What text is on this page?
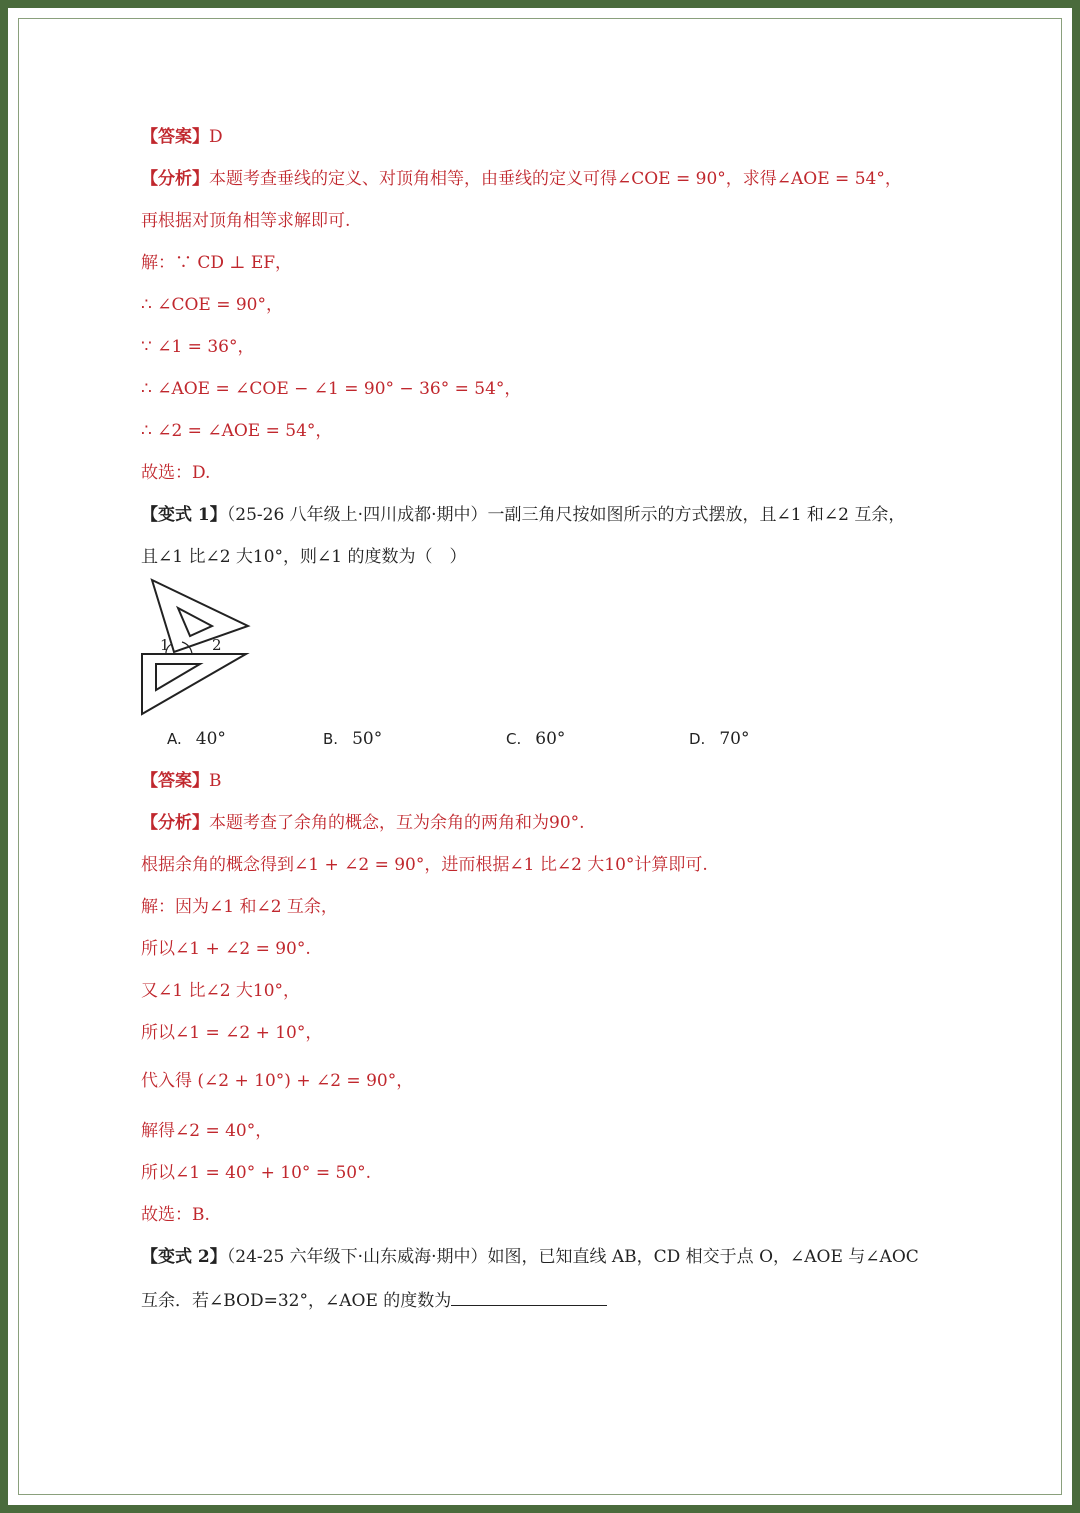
【答案】D
【分析】本题考查垂线的定义、对顶角相等，由垂线的定义可得∠COE = 90°，求得∠AOE = 54°，
再根据对顶角相等求解即可.
解：∵ CD ⊥ EF，
∴ ∠COE = 90°，
∵ ∠1 = 36°，
∴ ∠AOE = ∠COE − ∠1 = 90° − 36° = 54°，
∴ ∠2 = ∠AOE = 54°，
故选：D.
【变式 1】（25-26 八年级上·四川成都·期中）一副三角尺按如图所示的方式摆放，且∠1 和∠2 互余，
且∠1 比∠2 大10°，则∠1 的度数为（　）
1	2
A. 40°	B. 50°	C. 60°	D. 70°
【答案】B
【分析】本题考查了余角的概念，互为余角的两角和为90°.
根据余角的概念得到∠1 + ∠2 = 90°，进而根据∠1 比∠2 大10°计算即可.
解：因为∠1 和∠2 互余，
所以∠1 + ∠2 = 90°.
又∠1 比∠2 大10°，
所以∠1 = ∠2 + 10°，
代入得 (∠2 + 10°) + ∠2 = 90°，
解得∠2 = 40°，
所以∠1 = 40° + 10° = 50°.
故选：B.
【变式 2】（24-25 六年级下·山东威海·期中）如图，已知直线 AB，CD 相交于点 O，∠AOE 与∠AOC
互余．若∠BOD=32°，∠AOE 的度数为
